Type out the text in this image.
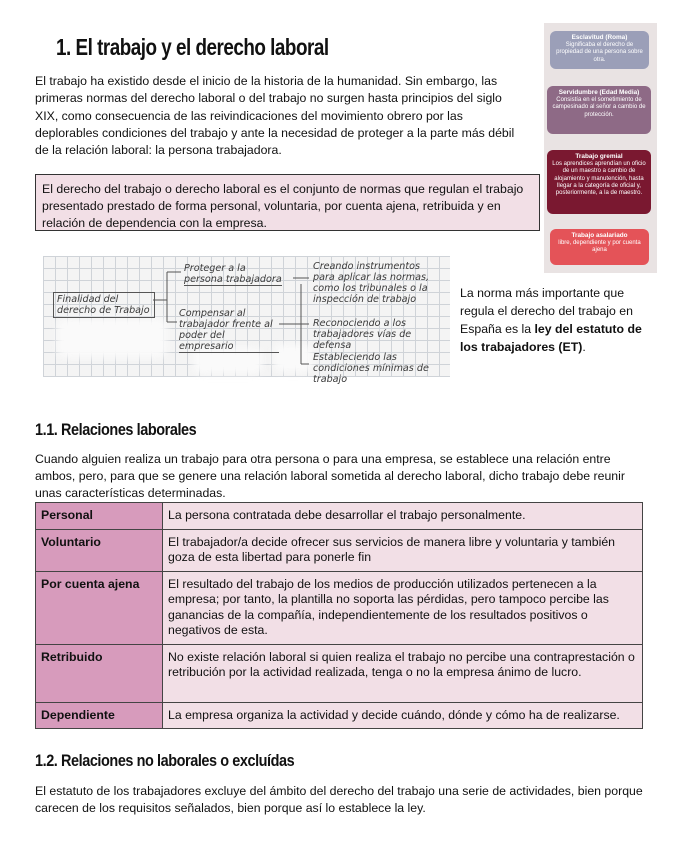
1. El trabajo y el derecho laboral
El trabajo ha existido desde el inicio de la historia de la humanidad. Sin embargo, las primeras normas del derecho laboral o del trabajo no surgen hasta principios del siglo XIX, como consecuencia de las reivindicaciones del movimiento obrero por las deplorables condiciones del trabajo y ante la necesidad de proteger a la parte más débil de la relación laboral: la persona trabajadora.
El derecho del trabajo o derecho laboral es el conjunto de normas que regulan el trabajo presentado prestado de forma personal, voluntaria, por cuenta ajena, retribuida y en relación de dependencia con la empresa.
Esclavitud (Roma)
Significaba el derecho de propiedad de una persona sobre otra.
Servidumbre (Edad Media)
Consistía en el sometimiento de campesinado al señor a cambio de protección.
Trabajo gremial
Los aprendices aprendían un oficio de un maestro a cambio de alojamiento y manutención, hasta llegar a la categoría de oficial y, posteriormente, a la de maestro.
Trabajo asalariado
libre, dependiente y por cuenta ajena
Finalidad del derecho de Trabajo
Proteger a la persona trabajadora
Compensar al trabajador frente al poder del empresario
Creando instrumentos para aplicar las normas, como los tribunales o la inspección de trabajo
Reconociendo a los trabajadores vías de defensa
Estableciendo las condiciones mínimas de trabajo
La norma más importante que regula el derecho del trabajo en España es la ley del estatuto de los trabajadores (ET).
1.1. Relaciones laborales
Cuando alguien realiza un trabajo para otra persona o para una empresa, se establece una relación entre ambos, pero, para que se genere una relación laboral sometida al derecho laboral, dicho trabajo debe reunir unas características determinadas.
Personal	La persona contratada debe desarrollar el trabajo personalmente.
Voluntario	El trabajador/a decide ofrecer sus servicios de manera libre y voluntaria y también goza de esta libertad para ponerle fin
Por cuenta ajena	El resultado del trabajo de los medios de producción utilizados pertenecen a la empresa; por tanto, la plantilla no soporta las pérdidas, pero tampoco percibe las ganancias de la compañía, independientemente de los resultados positivos o negativos de esta.
Retribuido	No existe relación laboral si quien realiza el trabajo no percibe una contraprestación o retribución por la actividad realizada, tenga o no la empresa ánimo de lucro.
Dependiente	La empresa organiza la actividad y decide cuándo, dónde y cómo ha de realizarse.
1.2. Relaciones no laborales o excluídas
El estatuto de los trabajadores excluye del ámbito del derecho del trabajo una serie de actividades, bien porque carecen de los requisitos señalados, bien porque así lo establece la ley.
